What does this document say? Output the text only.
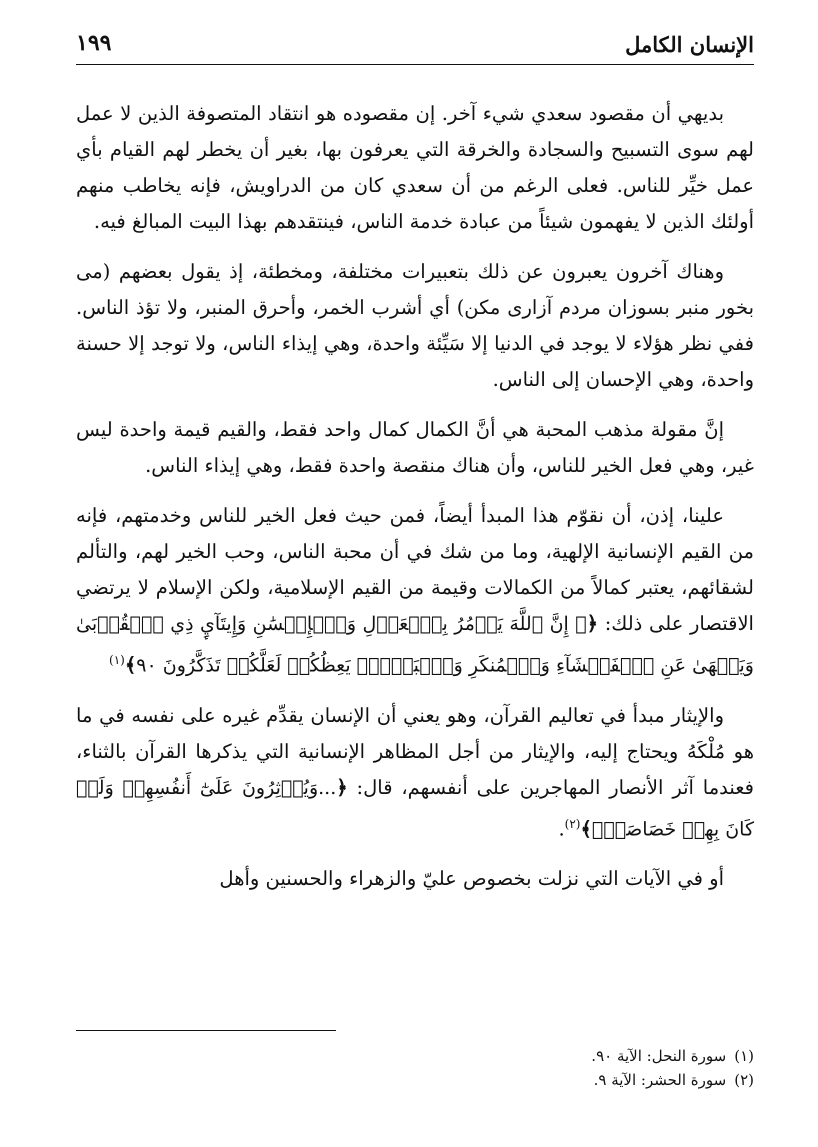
الإنسان الكامل
١٩٩

بديهي أن مقصود سعدي شيء آخر. إن مقصوده هو انتقاد المتصوفة الذين لا عمل لهم سوى التسبيح والسجادة والخرقة التي يعرفون بها، بغير أن يخطر لهم القيام بأي عمل خيِّر للناس. فعلى الرغم من أن سعدي كان من الدراويش، فإنه يخاطب منهم أولئك الذين لا يفهمون شيئاً من عبادة خدمة الناس، فينتقدهم بهذا البيت المبالغ فيه.

وهناك آخرون يعبرون عن ذلك بتعبيرات مختلفة، ومخطئة، إذ يقول بعضهم (مى بخور منبر بسوزان مردم آزارى مكن) أي أشرب الخمر، وأحرق المنبر، ولا تؤذ الناس. ففي نظر هؤلاء لا يوجد في الدنيا إلا سَيِّئة واحدة، وهي إيذاء الناس، ولا توجد إلا حسنة واحدة، وهي الإحسان إلى الناس.

إنَّ مقولة مذهب المحبة هي أنَّ الكمال كمال واحد فقط، والقيم قيمة واحدة ليس غير، وهي فعل الخير للناس، وأن هناك منقصة واحدة فقط، وهي إيذاء الناس.

علينا، إذن، أن نقوّم هذا المبدأ أيضاً، فمن حيث فعل الخير للناس وخدمتهم، فإنه من القيم الإنسانية الإلهية، وما من شك في أن محبة الناس، وحب الخير لهم، والتألم لشقائهم، يعتبر كمالاً من الكمالات وقيمة من القيم الإسلامية، ولكن الإسلام لا يرتضي الاقتصار على ذلك: ﴿۞ إِنَّ ٱللَّهَ يَأۡمُرُ بِٱلۡعَدۡلِ وَٱلۡإِحۡسَٰنِ وَإِيتَآيِٕ ذِي ٱلۡقُرۡبَىٰ وَيَنۡهَىٰ عَنِ ٱلۡفَحۡشَآءِ وَٱلۡمُنكَرِ وَٱلۡبَغۡيِۚ يَعِظُكُمۡ لَعَلَّكُمۡ تَذَكَّرُونَ ٩٠﴾$^{(١)}$

والإيثار مبدأ في تعاليم القرآن، وهو يعني أن الإنسان يقدِّم غيره على نفسه في ما هو مُلْكَهُ ويحتاج إليه، والإيثار من أجل المظاهر الإنسانية التي يذكرها القرآن بالثناء، فعندما آثر الأنصار المهاجرين على أنفسهم، قال: ﴿...وَيُؤۡثِرُونَ عَلَىٰٓ أَنفُسِهِمۡ وَلَوۡ كَانَ بِهِمۡ خَصَاصَةٞۚ﴾$^{(٢)}$.

أو في الآيات التي نزلت بخصوص عليّ والزهراء والحسنين وأهل

(١)سورة النحل: الآية ٩٠.
(٢)سورة الحشر: الآية ٩.
